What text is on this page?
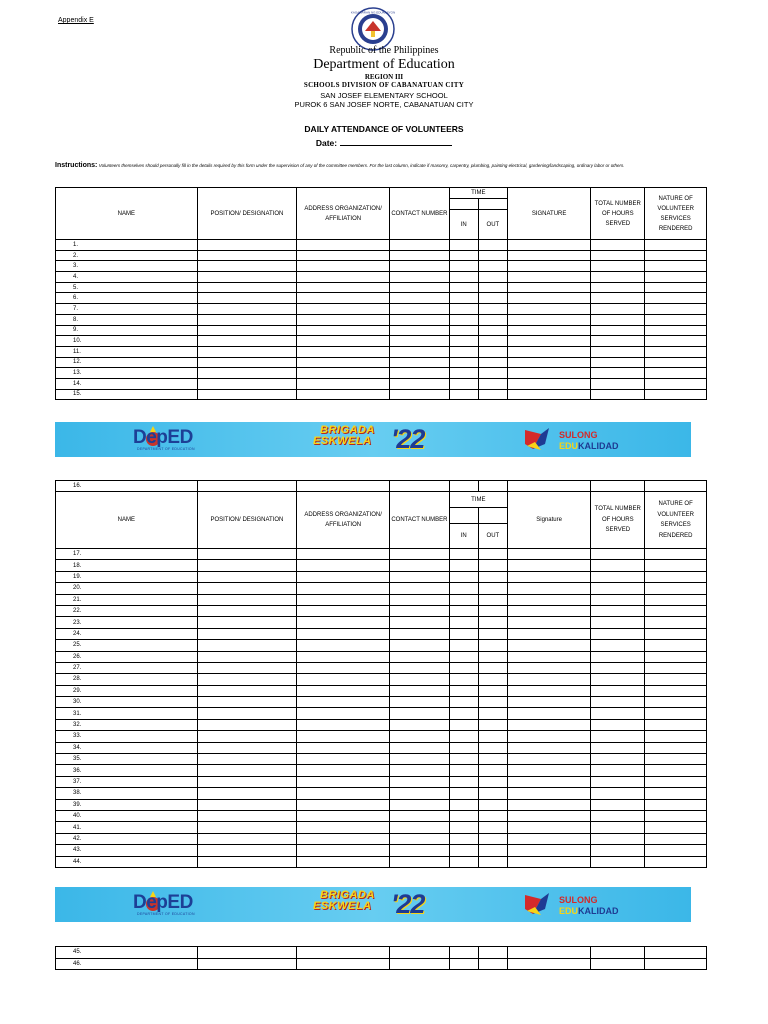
Appendix E
KAGAWARAN NG EDUKASYON
Republic of the Philippines
Department of Education
REGION III
SCHOOLS DIVISION OF CABANATUAN CITY
SAN JOSEF ELEMENTARY SCHOOL
PUROK 6 SAN JOSEF NORTE, CABANATUAN CITY
DAILY ATTENDANCE OF VOLUNTEERS
Date:
Instructions: Volunteers themselves should personally fill in the details required by this form under the supervision of any of the committee members. For the last column, indicate if masonry, carpentry, plumbing, painting electrical, gardening/landscaping, ordinary labor or others.
NAME	POSITION/ DESIGNATION	ADDRESS ORGANIZATION/ AFFILIATION	CONTACT NUMBER	TIME		SIGNATURE	TOTAL NUMBER OF HOURS SERVED	NATURE OF VOLUNTEER SERVICES RENDERED

				IN	OUT			
1.								
2.								
3.								
4.								
5.								
6.								
7.								
8.								
9.								
10.								
11.								
12.								
13.								
14.								
15.								
DepED
DEPARTMENT OF EDUCATION
BRIGADA
ESKWELA '22	SULONG
EDUKALIDAD
16.								
NAME	POSITION/ DESIGNATION	ADDRESS ORGANIZATION/ AFFILIATION	CONTACT NUMBER	TIME		Signature	TOTAL NUMBER OF HOURS SERVED	NATURE OF VOLUNTEER SERVICES RENDERED

				IN	OUT			
17.								
18.								
19.								
20.								
21.								
22.								
23.								
24.								
25.								
26.								
27.								
28.								
29.								
30.								
31.								
32.								
33.								
34.								
35.								
36.								
37.								
38.								
39.								
40.								
41.								
42.								
43.								
44.								
DepED
DEPARTMENT OF EDUCATION
BRIGADA
ESKWELA '22	SULONG
EDUKALIDAD
45.								
46.								
